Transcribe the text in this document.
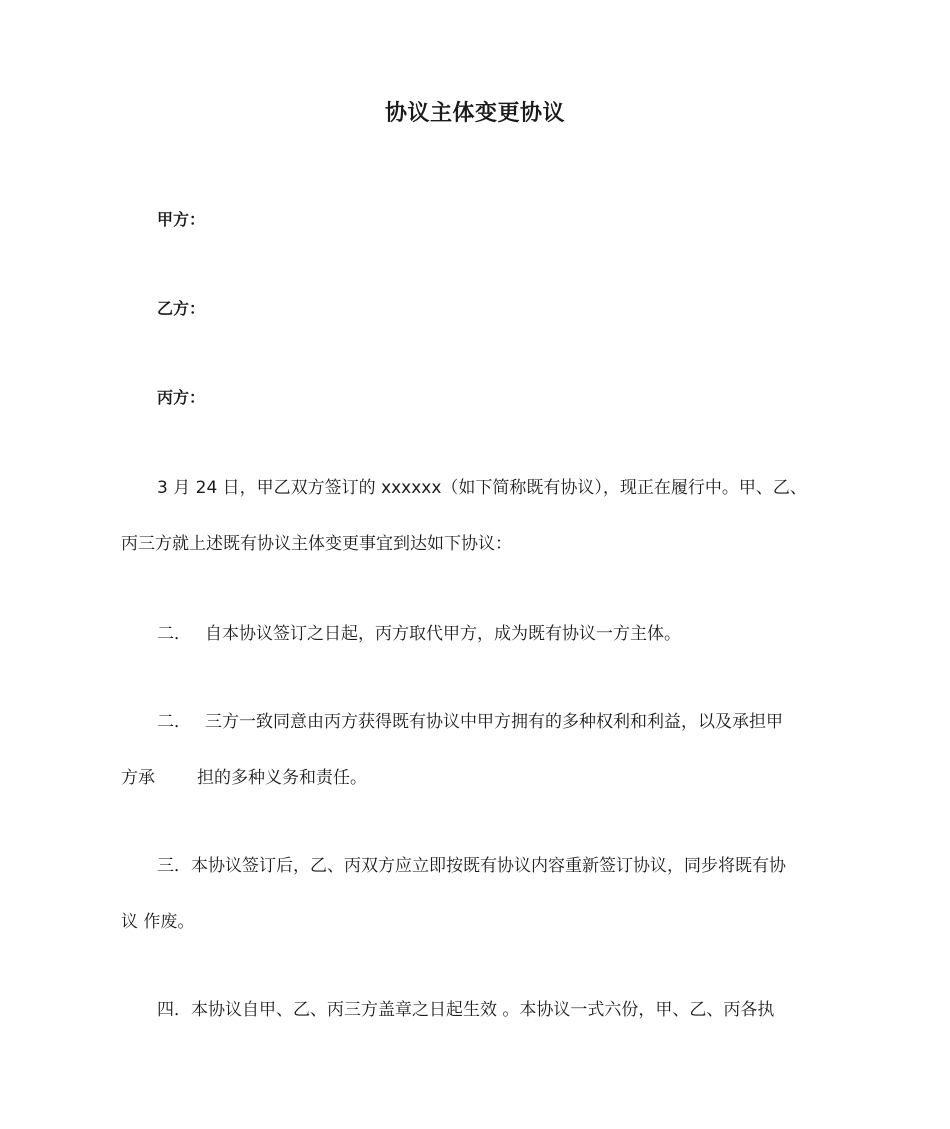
协议主体变更协议
甲方：
乙方：
丙方：
3 月 24 日，甲乙双方签订的 xxxxxx（如下简称既有协议），现正在履行中。甲、乙、
丙三方就上述既有协议主体变更事宜到达如下协议：
二． 自本协议签订之日起，丙方取代甲方，成为既有协议一方主体。
二． 三方一致同意由丙方获得既有协议中甲方拥有的多种权利和利益，以及承担甲
方承 担的多种义务和责任。
三．本协议签订后，乙、丙双方应立即按既有协议内容重新签订协议，同步将既有协
议 作废。
四．本协议自甲、乙、丙三方盖章之日起生效 。本协议一式六份，甲、乙、丙各执
